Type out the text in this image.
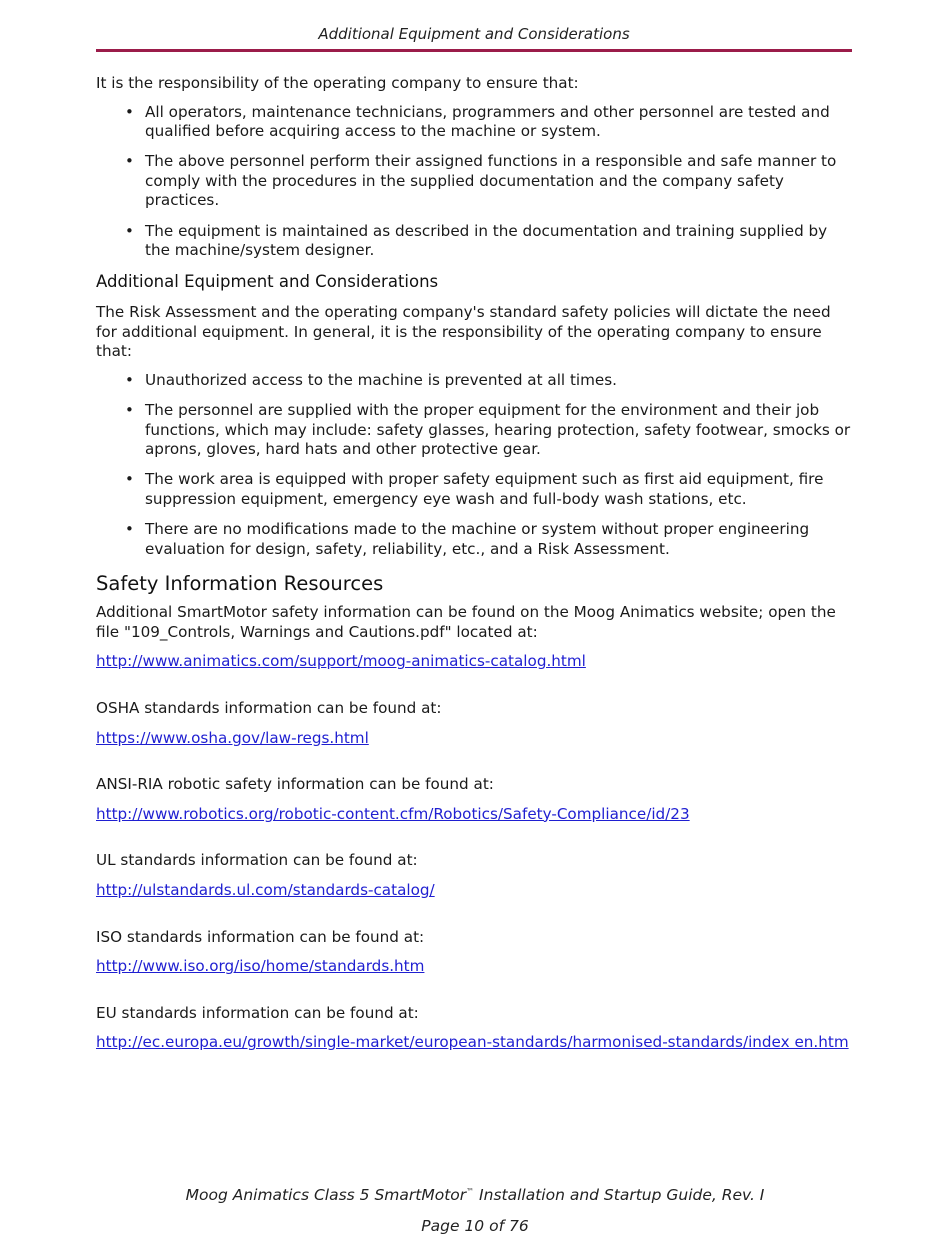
Additional Equipment and Considerations

It is the responsibility of the operating company to ensure that:

• All operators, maintenance technicians, programmers and other personnel are tested and qualified before acquiring access to the machine or system.
• The above personnel perform their assigned functions in a responsible and safe manner to comply with the procedures in the supplied documentation and the company safety practices.
• The equipment is maintained as described in the documentation and training supplied by the machine/system designer.
Additional Equipment and Considerations

The Risk Assessment and the operating company's standard safety policies will dictate the need for additional equipment. In general, it is the responsibility of the operating company to ensure that:

• Unauthorized access to the machine is prevented at all times.
• The personnel are supplied with the proper equipment for the environment and their job functions, which may include: safety glasses, hearing protection, safety footwear, smocks or aprons, gloves, hard hats and other protective gear.
• The work area is equipped with proper safety equipment such as first aid equipment, fire suppression equipment, emergency eye wash and full-body wash stations, etc.
• There are no modifications made to the machine or system without proper engineering evaluation for design, safety, reliability, etc., and a Risk Assessment.
Safety Information Resources

Additional SmartMotor safety information can be found on the Moog Animatics website; open the file "109_Controls, Warnings and Cautions.pdf" located at:

http://www.animatics.com/support/moog-animatics-catalog.html

OSHA standards information can be found at:

https://www.osha.gov/law-regs.html

ANSI-RIA robotic safety information can be found at:

http://www.robotics.org/robotic-content.cfm/Robotics/Safety-Compliance/id/23

UL standards information can be found at:

http://ulstandards.ul.com/standards-catalog/

ISO standards information can be found at:

http://www.iso.org/iso/home/standards.htm

EU standards information can be found at:

http://ec.europa.eu/growth/single-market/european-standards/harmonised-standards/index en.htm
Moog Animatics Class 5 SmartMotor™ Installation and Startup Guide, Rev. I
Page 10 of 76
